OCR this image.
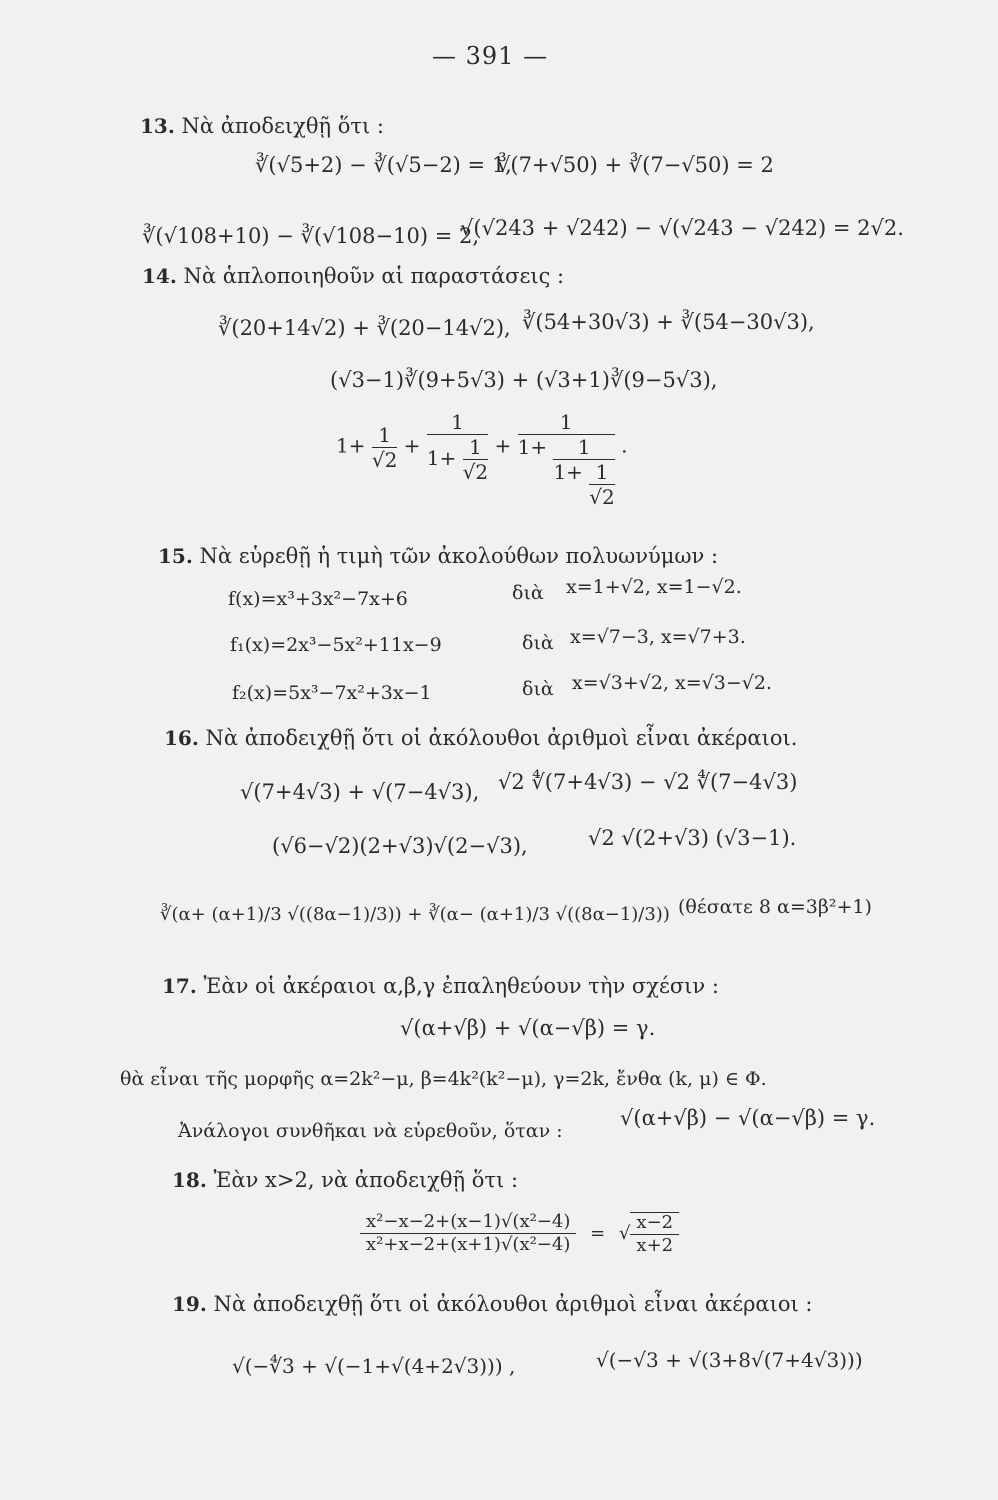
— 391 —
13. Νὰ ἀποδειχθῇ ὅτι :
∛(√5+2) − ∛(√5−2) = 1,
∛(7+√50) + ∛(7−√50) = 2
∛(√108+10) − ∛(√108−10) = 2,
√(√243 + √242) − √(√243 − √242) = 2√2.
14. Νὰ ἁπλοποιηθοῦν αἱ παραστάσεις :
∛(20+14√2) + ∛(20−14√2), ∛(54+30√3) + ∛(54−30√3),
(√3−1)∛(9+5√3) + (√3+1)∛(9−5√3),
$1+ \frac{1}{√2} + \frac{1}{1+ \frac{1}{√2}}$ +
1
$1+ \frac{1}{1+ \frac{1}{√2}}$ .
15. Νὰ εὑρεθῇ ἡ τιμὴ τῶν ἀκολούθων πολυωνύμων :
f(x)=x³+3x²−7x+6	διὰ x=1+√2, x=1−√2.
f₁(x)=2x³−5x²+11x−9	διὰ x=√7−3, x=√7+3.
f₂(x)=5x³−7x²+3x−1	διὰ x=√3+√2, x=√3−√2.
16. Νὰ ἀποδειχθῇ ὅτι οἱ ἀκόλουθοι ἀριθμοὶ εἶναι ἀκέραιοι.
√(7+4√3) + √(7−4√3), √2 ∜(7+4√3) − √2 ∜(7−4√3)
(√6−√2)(2+√3)√(2−√3),	√2 √(2+√3) (√3−1).
∛(α+ (α+1)/3 √((8α−1)/3)) + ∛(α− (α+1)/3 √((8α−1)/3)) (θέσατε 8 α=3β²+1)
17. Ἐὰν οἱ ἀκέραιοι α,β,γ ἐπαληθεύουν τὴν σχέσιν :
√(α+√β) + √(α−√β) = γ.
θὰ εἶναι τῆς μορφῆς α=2k²−μ, β=4k²(k²−μ), γ=2k, ἔνθα (k, μ) ∈ Φ.
Ἀνάλογοι συνθῆκαι νὰ εὑρεθοῦν, ὅταν :
√(α+√β) − √(α−√β) = γ.
18. Ἐὰν x>2, νὰ ἀποδειχθῇ ὅτι :
$\frac{\text{x²−x−2+(x−1)√(x²−4)}}{\text{x²+x−2+(x+1)√(x²−4)}}$ = √ $\frac{x-2}{x+2}$
19. Νὰ ἀποδειχθῇ ὅτι οἱ ἀκόλουθοι ἀριθμοὶ εἶναι ἀκέραιοι :
√(−∜3 + √(−1+√(4+2√3))) ,	√(−√3 + √(3+8√(7+4√3)))
